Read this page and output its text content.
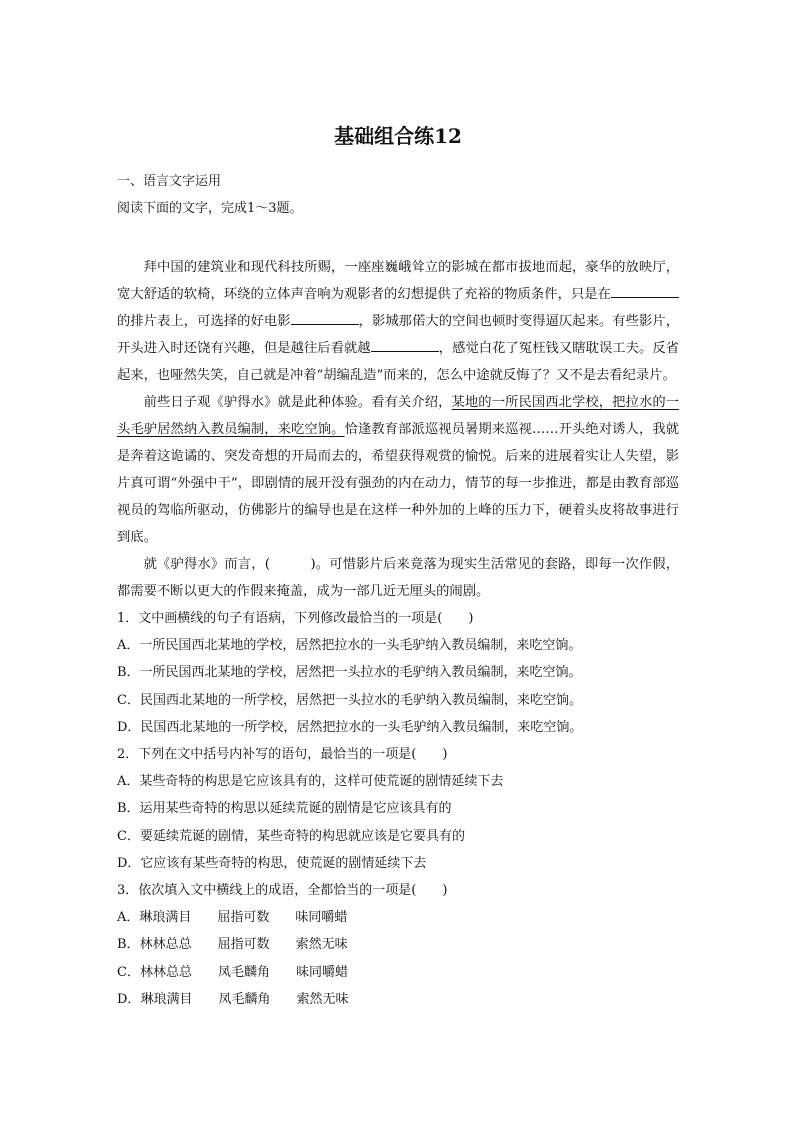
基础组合练12
一、语言文字运用
阅读下面的文字，完成1～3题。

拜中国的建筑业和现代科技所赐，一座座巍峨耸立的影城在都市拔地而起，豪华的放映厅，宽大舒适的软椅，环绕的立体声音响为观影者的幻想提供了充裕的物质条件，只是在的排片表上，可选择的好电影	，影城那偌大的空间也顿时变得逼仄起来。有些影片，开头进入时还饶有兴趣，但是越往后看就越	，感觉白花了冤枉钱又瞎耽误工夫。反省起来，也哑然失笑，自己就是冲着“胡编乱造”而来的，怎么中途就反悔了？又不是去看纪录片。

前些日子观《驴得水》就是此种体验。看有关介绍，某地的一所民国西北学校，把拉水的一头毛驴居然纳入教员编制，来吃空饷。恰逢教育部派巡视员暑期来巡视……开头绝对诱人，我就是奔着这诡谲的、突发奇想的开局而去的，希望获得观赏的愉悦。后来的进展着实让人失望，影片真可谓“外强中干”，即剧情的展开没有强劲的内在动力，情节的每一步推进，都是由教育部巡视员的驾临所驱动，仿佛影片的编导也是在这样一种外加的上峰的压力下，硬着头皮将故事进行到底。

就《驴得水》而言，(　　　)。可惜影片后来竟落为现实生活常见的套路，即每一次作假，都需要不断以更大的作假来掩盖，成为一部几近无厘头的闹剧。

1．文中画横线的句子有语病，下列修改最恰当的一项是(　　)

A．一所民国西北某地的学校，居然把拉水的一头毛驴纳入教员编制，来吃空饷。

B．一所民国西北某地的学校，居然把一头拉水的毛驴纳入教员编制，来吃空饷。

C．民国西北某地的一所学校，居然把一头拉水的毛驴纳入教员编制，来吃空饷。

D．民国西北某地的一所学校，居然把拉水的一头毛驴纳入教员编制，来吃空饷。

2．下列在文中括号内补写的语句，最恰当的一项是(　　)

A．某些奇特的构思是它应该具有的，这样可使荒诞的剧情延续下去

B．运用某些奇特的构思以延续荒诞的剧情是它应该具有的

C．要延续荒诞的剧情，某些奇特的构思就应该是它要具有的

D．它应该有某些奇特的构思，使荒诞的剧情延续下去

3．依次填入文中横线上的成语，全都恰当的一项是(　　)

A．琳琅满目 屈指可数 味同嚼蜡

B．林林总总 屈指可数 索然无味

C．林林总总 凤毛麟角 味同嚼蜡

D．琳琅满目 凤毛麟角 索然无味
